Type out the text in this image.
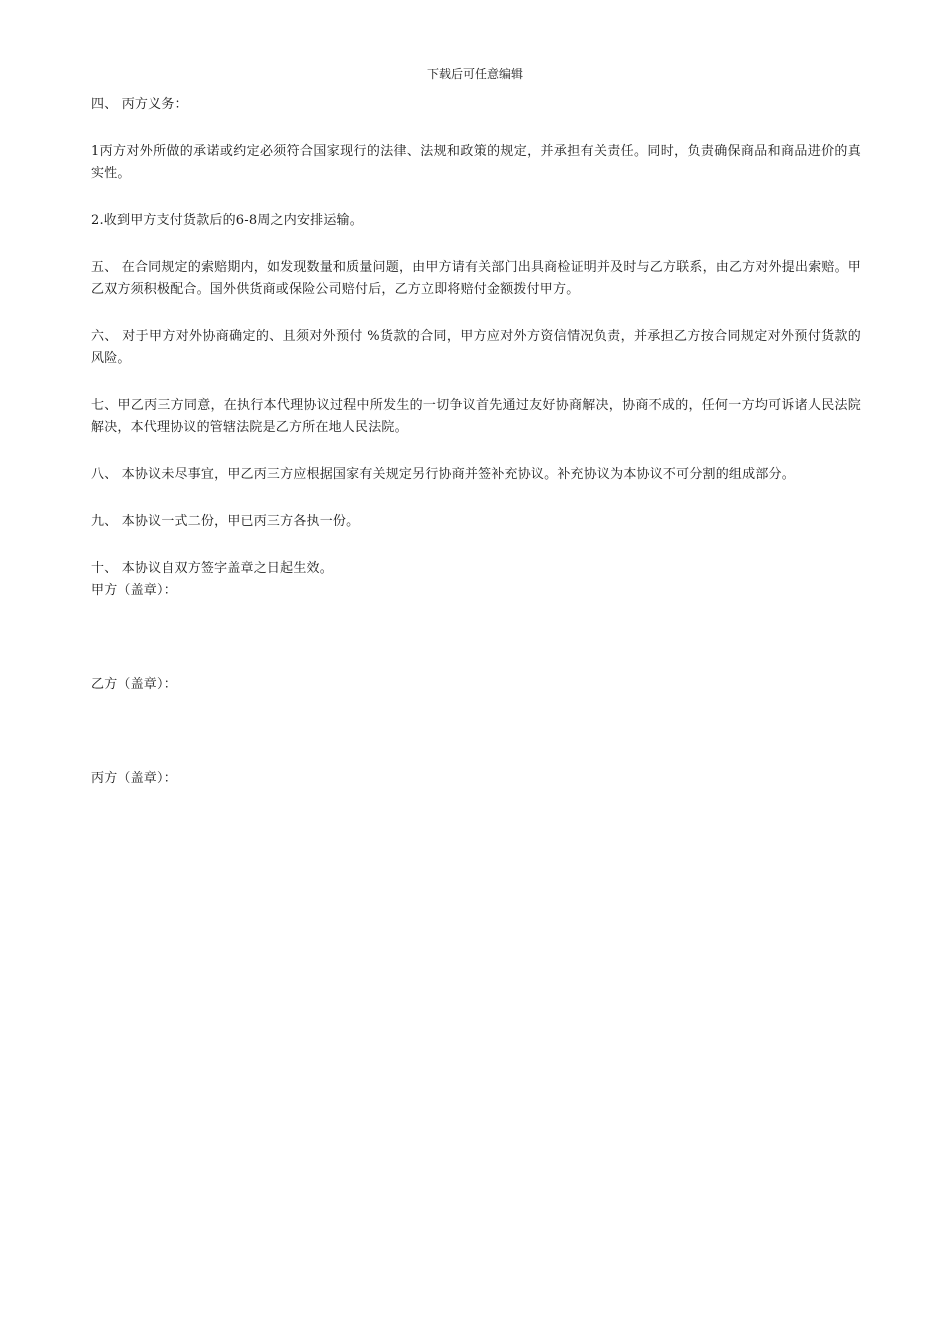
下载后可任意编辑

四、 丙方义务：

1丙方对外所做的承诺或约定必须符合国家现行的法律、法规和政策的规定，并承担有关责任。同时，负责确保商品和商品进价的真实性。

2.收到甲方支付货款后的6-8周之内安排运输。

五、 在合同规定的索赔期内，如发现数量和质量问题，由甲方请有关部门出具商检证明并及时与乙方联系，由乙方对外提出索赔。甲乙双方须积极配合。国外供货商或保险公司赔付后，乙方立即将赔付金额拨付甲方。

六、 对于甲方对外协商确定的、且须对外预付 %货款的合同，甲方应对外方资信情况负责，并承担乙方按合同规定对外预付货款的风险。

七、甲乙丙三方同意，在执行本代理协议过程中所发生的一切争议首先通过友好协商解决，协商不成的，任何一方均可诉诸人民法院解决，本代理协议的管辖法院是乙方所在地人民法院。

八、 本协议未尽事宜，甲乙丙三方应根据国家有关规定另行协商并签补充协议。补充协议为本协议不可分割的组成部分。

九、 本协议一式二份，甲已丙三方各执一份。

十、 本协议自双方签字盖章之日起生效。

甲方（盖章）：

乙方（盖章）：

丙方（盖章）：
